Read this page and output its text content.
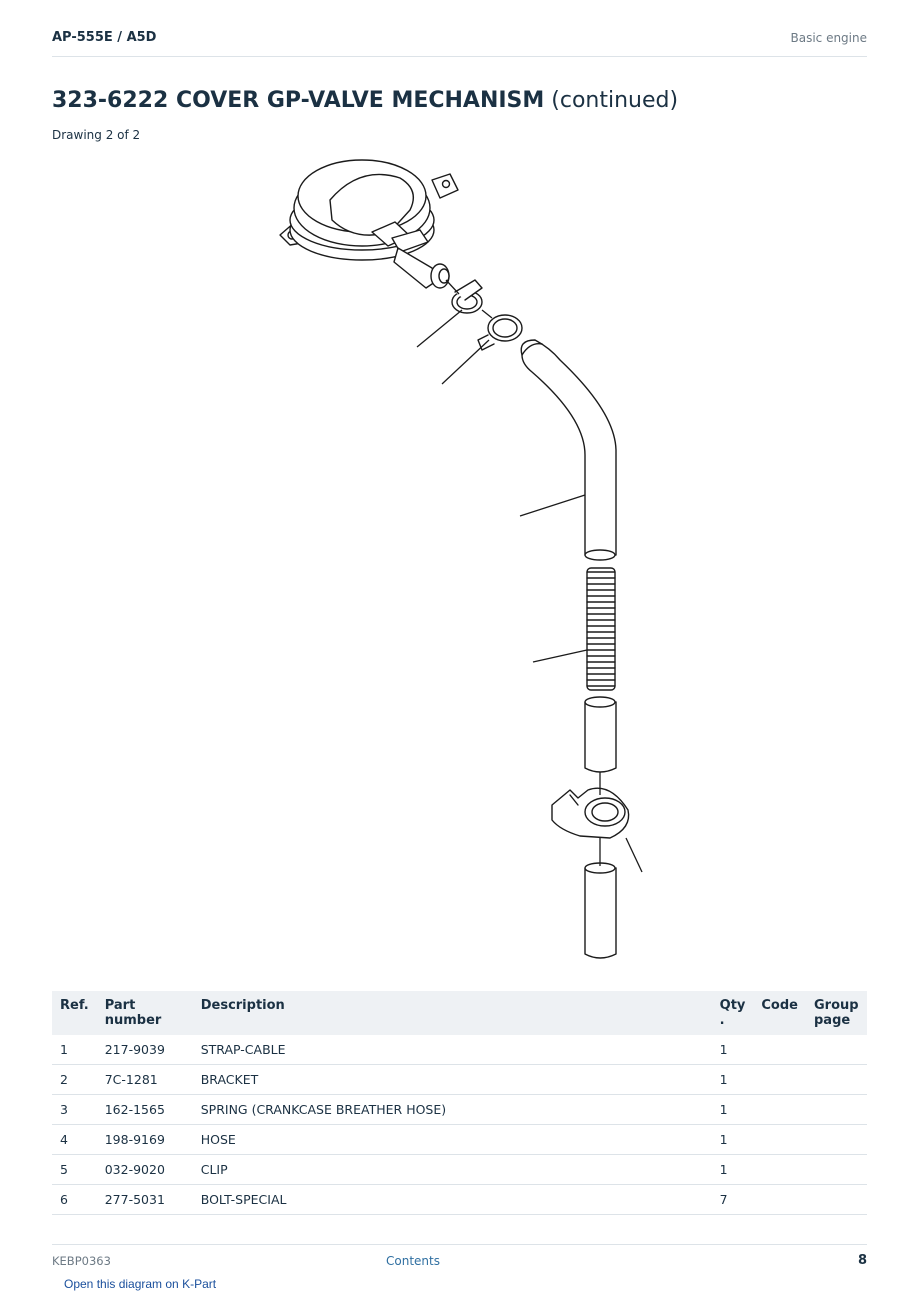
AP-555E / A5D	Basic engine
323-6222 COVER GP-VALVE MECHANISM (continued)
Drawing 2 of 2
Ref.	Part number	Description	Qty .	Code	Group page
1	217-9039	STRAP-CABLE	1		
2	7C-1281	BRACKET	1		
3	162-1565	SPRING (CRANKCASE BREATHER HOSE)	1		
4	198-9169	HOSE	1		
5	032-9020	CLIP	1		
6	277-5031	BOLT-SPECIAL	7		
KEBP0363	Contents	8
Open this diagram on K-Part
